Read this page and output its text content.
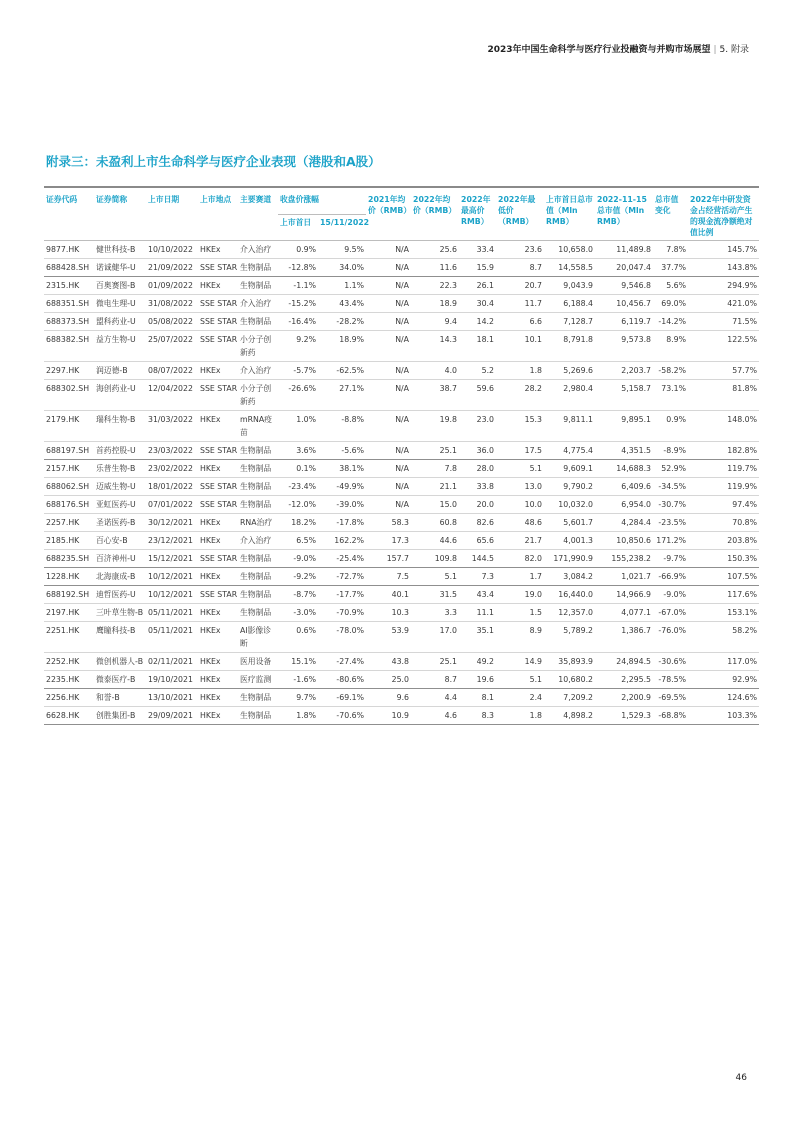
2023年中国生命科学与医疗行业投融资与并购市场展望 | 5. 附录
附录三：未盈利上市生命科学与医疗企业表现（港股和A股）
证券代码	证券简称	上市日期	上市地点	主要赛道	收盘价涨幅		2021年均价（RMB）	2022年均价（RMB）	2022年最高价RMB）	2022年最低价（RMB）	上市首日总市值（Mln RMB）	2022-11-15总市值（Mln RMB）	总市值变化	2022年中研发资金占经营活动产生的现金流净额绝对值比例
					上市首日	15/11/2022								
9877.HK	健世科技-B	10/10/2022	HKEx	介入治疗	0.9%	9.5%	N/A	25.6	33.4	23.6	10,658.0	11,489.8	7.8%	145.7%
688428.SH	诺诚健华-U	21/09/2022	SSE STAR	生物制品	-12.8%	34.0%	N/A	11.6	15.9	8.7	14,558.5	20,047.4	37.7%	143.8%
2315.HK	百奥赛图-B	01/09/2022	HKEx	生物制品	-1.1%	1.1%	N/A	22.3	26.1	20.7	9,043.9	9,546.8	5.6%	294.9%
688351.SH	微电生理-U	31/08/2022	SSE STAR	介入治疗	-15.2%	43.4%	N/A	18.9	30.4	11.7	6,188.4	10,456.7	69.0%	421.0%
688373.SH	盟科药业-U	05/08/2022	SSE STAR	生物制品	-16.4%	-28.2%	N/A	9.4	14.2	6.6	7,128.7	6,119.7	-14.2%	71.5%
688382.SH	益方生物-U	25/07/2022	SSE STAR	小分子创新药	9.2%	18.9%	N/A	14.3	18.1	10.1	8,791.8	9,573.8	8.9%	122.5%
2297.HK	润迈德-B	08/07/2022	HKEx	介入治疗	-5.7%	-62.5%	N/A	4.0	5.2	1.8	5,269.6	2,203.7	-58.2%	57.7%
688302.SH	海创药业-U	12/04/2022	SSE STAR	小分子创新药	-26.6%	27.1%	N/A	38.7	59.6	28.2	2,980.4	5,158.7	73.1%	81.8%
2179.HK	瑞科生物-B	31/03/2022	HKEx	mRNA疫苗	1.0%	-8.8%	N/A	19.8	23.0	15.3	9,811.1	9,895.1	0.9%	148.0%
688197.SH	首药控股-U	23/03/2022	SSE STAR	生物制品	3.6%	-5.6%	N/A	25.1	36.0	17.5	4,775.4	4,351.5	-8.9%	182.8%
2157.HK	乐普生物-B	23/02/2022	HKEx	生物制品	0.1%	38.1%	N/A	7.8	28.0	5.1	9,609.1	14,688.3	52.9%	119.7%
688062.SH	迈威生物-U	18/01/2022	SSE STAR	生物制品	-23.4%	-49.9%	N/A	21.1	33.8	13.0	9,790.2	6,409.6	-34.5%	119.9%
688176.SH	亚虹医药-U	07/01/2022	SSE STAR	生物制品	-12.0%	-39.0%	N/A	15.0	20.0	10.0	10,032.0	6,954.0	-30.7%	97.4%
2257.HK	圣诺医药-B	30/12/2021	HKEx	RNA治疗	18.2%	-17.8%	58.3	60.8	82.6	48.6	5,601.7	4,284.4	-23.5%	70.8%
2185.HK	百心安-B	23/12/2021	HKEx	介入治疗	6.5%	162.2%	17.3	44.6	65.6	21.7	4,001.3	10,850.6	171.2%	203.8%
688235.SH	百济神州-U	15/12/2021	SSE STAR	生物制品	-9.0%	-25.4%	157.7	109.8	144.5	82.0	171,990.9	155,238.2	-9.7%	150.3%
1228.HK	北海康成-B	10/12/2021	HKEx	生物制品	-9.2%	-72.7%	7.5	5.1	7.3	1.7	3,084.2	1,021.7	-66.9%	107.5%
688192.SH	迪哲医药-U	10/12/2021	SSE STAR	生物制品	-8.7%	-17.7%	40.1	31.5	43.4	19.0	16,440.0	14,966.9	-9.0%	117.6%
2197.HK	三叶草生物-B	05/11/2021	HKEx	生物制品	-3.0%	-70.9%	10.3	3.3	11.1	1.5	12,357.0	4,077.1	-67.0%	153.1%
2251.HK	鹰瞳科技-B	05/11/2021	HKEx	AI影像诊断	0.6%	-78.0%	53.9	17.0	35.1	8.9	5,789.2	1,386.7	-76.0%	58.2%
2252.HK	微创机器人-B	02/11/2021	HKEx	医用设备	15.1%	-27.4%	43.8	25.1	49.2	14.9	35,893.9	24,894.5	-30.6%	117.0%
2235.HK	微泰医疗-B	19/10/2021	HKEx	医疗监测	-1.6%	-80.6%	25.0	8.7	19.6	5.1	10,680.2	2,295.5	-78.5%	92.9%
2256.HK	和誉-B	13/10/2021	HKEx	生物制品	9.7%	-69.1%	9.6	4.4	8.1	2.4	7,209.2	2,200.9	-69.5%	124.6%
6628.HK	创胜集团-B	29/09/2021	HKEx	生物制品	1.8%	-70.6%	10.9	4.6	8.3	1.8	4,898.2	1,529.3	-68.8%	103.3%
46
